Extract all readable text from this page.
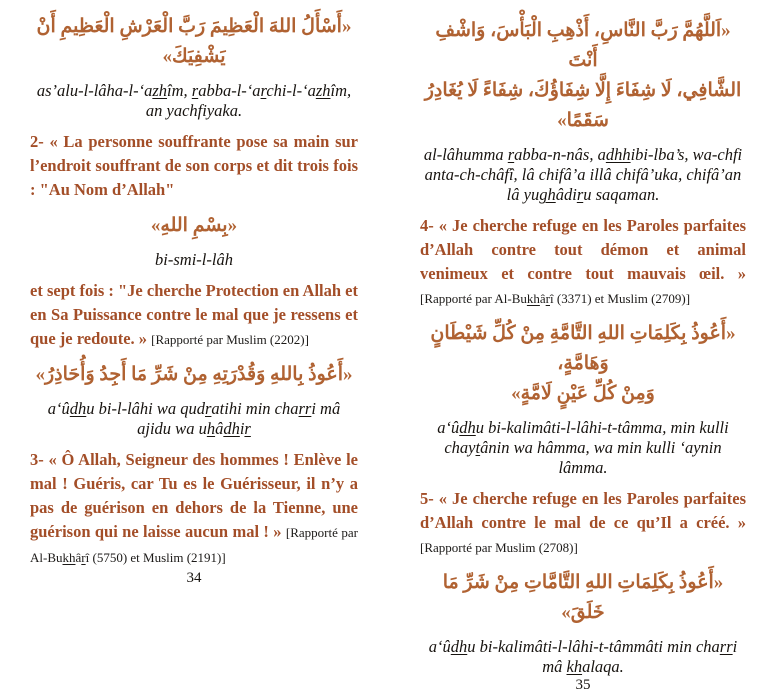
«أَسْأَلُ اللهَ الْعَظِيمَ رَبَّ الْعَرْشِ الْعَظِيمِ أَنْ يَشْفِيَكَ»
as’alu-l-lâha-l-‘azhîm, rabba-l-‘archi-l-‘azhîm, an yachfiyaka.

2- « La personne souffrante pose sa main sur l’endroit souffrant de son corps et dit trois fois : "Au Nom d’Allah"

«بِسْمِ اللهِ»
bi-smi-l-lâh

et sept fois : "Je cherche Protection en Allah et en Sa Puissance contre le mal que je ressens et que je redoute. » [Rapporté par Muslim (2202)]

«أَعُوذُ بِاللهِ وَقُدْرَتِهِ مِنْ شَرِّ مَا أَجِدُ وَأُحَاذِرُ»
a‘ûdhu bi-l-lâhi wa qudratihi min charri mâ ajidu wa uhâdhir

3- « Ô Allah, Seigneur des hommes ! Enlève le mal ! Guéris, car Tu es le Guérisseur, il n’y a pas de guérison en dehors de la Tienne, une guérison qui ne laisse aucun mal ! » [Rapporté par Al-Bukhârî (5750) et Muslim (2191)]

34
«اَللَّهُمَّ رَبَّ النَّاسِ، أَذْهِبِ الْبَأْسَ، وَاشْفِ أَنْتَ
الشَّافِي، لَا شِفَاءَ إِلَّا شِفَاؤُكَ، شِفَاءً لَا يُغَادِرُ سَقَمًا»
al-lâhumma rabba-n-nâs, adhhibi-lba’s, wa-chfi anta-ch-châfî, lâ chifâ’a illâ chifâ’uka, chifâ’an lâ yughâdiru saqaman.

4- « Je cherche refuge en les Paroles parfaites d’Allah contre tout démon et animal venimeux et contre tout mauvais œil. » [Rapporté par Al-Bukhârî (3371) et Muslim (2709)]

«أَعُوذُ بِكَلِمَاتِ اللهِ التَّامَّةِ مِنْ كُلِّ شَيْطَانٍ وَهَامَّةٍ،
وَمِنْ كُلِّ عَيْنٍ لَامَّةٍ»
a‘ûdhu bi-kalimâti-l-lâhi-t-tâmma, min kulli chaytânin wa hâmma, wa min kulli ‘aynin lâmma.

5- « Je cherche refuge en les Paroles parfaites d’Allah contre le mal de ce qu’Il a créé. » [Rapporté par Muslim (2708)]

«أَعُوذُ بِكَلِمَاتِ اللهِ التَّامَّاتِ مِنْ شَرِّ مَا خَلَقَ»
a‘ûdhu bi-kalimâti-l-lâhi-t-tâmmâti min charri mâ khalaqa.
35
